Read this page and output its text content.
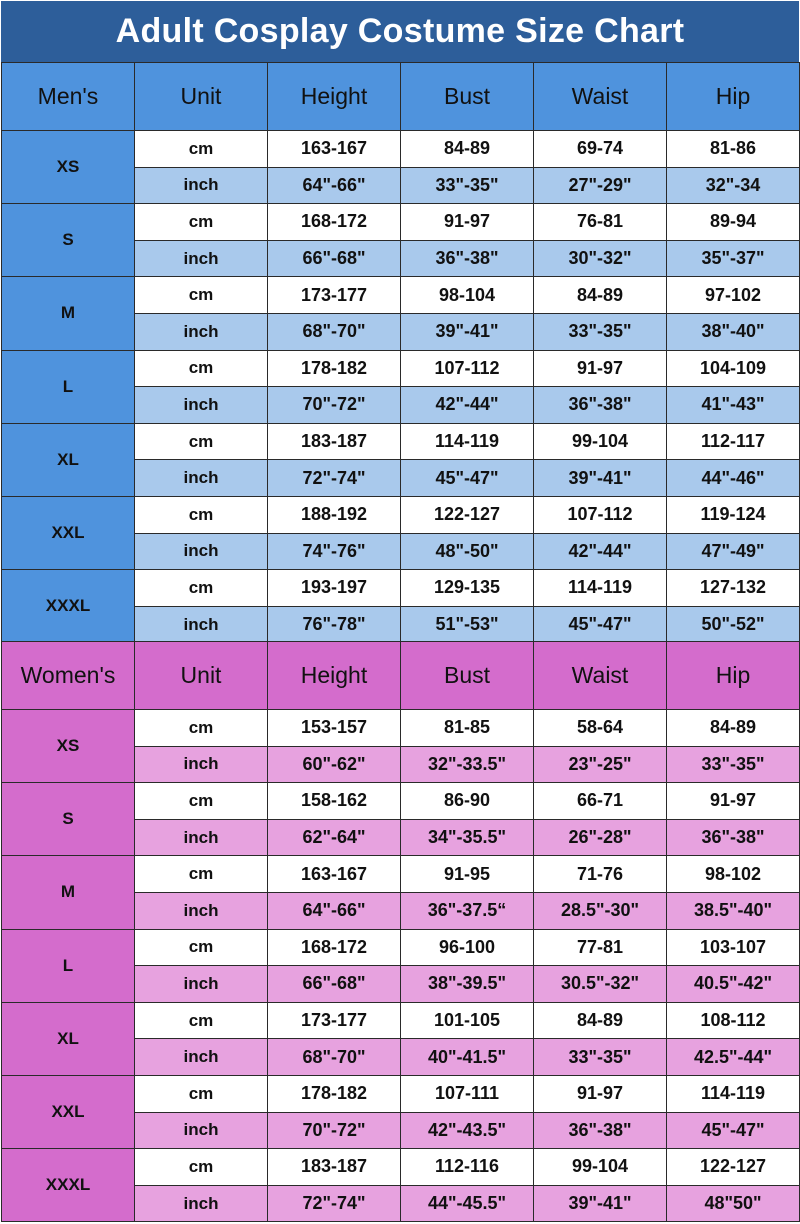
Adult Cosplay Costume Size Chart
Men's	Unit	Height	Bust	Waist	Hip
XS	cm	163-167	84-89	69-74	81-86
	inch	64"-66"	33"-35"	27"-29"	32"-34
S	cm	168-172	91-97	76-81	89-94
	inch	66"-68"	36"-38"	30"-32"	35"-37"
M	cm	173-177	98-104	84-89	97-102
	inch	68"-70"	39"-41"	33"-35"	38"-40"
L	cm	178-182	107-112	91-97	104-109
	inch	70"-72"	42"-44"	36"-38"	41"-43"
XL	cm	183-187	114-119	99-104	112-117
	inch	72"-74"	45"-47"	39"-41"	44"-46"
XXL	cm	188-192	122-127	107-112	119-124
	inch	74"-76"	48"-50"	42"-44"	47"-49"
XXXL	cm	193-197	129-135	114-119	127-132
	inch	76"-78"	51"-53"	45"-47"	50"-52"
Women's	Unit	Height	Bust	Waist	Hip
XS	cm	153-157	81-85	58-64	84-89
	inch	60"-62"	32"-33.5"	23"-25"	33"-35"
S	cm	158-162	86-90	66-71	91-97
	inch	62"-64"	34"-35.5"	26"-28"	36"-38"
M	cm	163-167	91-95	71-76	98-102
	inch	64"-66"	36"-37.5“	28.5"-30"	38.5"-40"
L	cm	168-172	96-100	77-81	103-107
	inch	66"-68"	38"-39.5"	30.5"-32"	40.5"-42"
XL	cm	173-177	101-105	84-89	108-112
	inch	68"-70"	40"-41.5"	33"-35"	42.5"-44"
XXL	cm	178-182	107-111	91-97	114-119
	inch	70"-72"	42"-43.5"	36"-38"	45"-47"
XXXL	cm	183-187	112-116	99-104	122-127
	inch	72"-74"	44"-45.5"	39"-41"	48"50"
